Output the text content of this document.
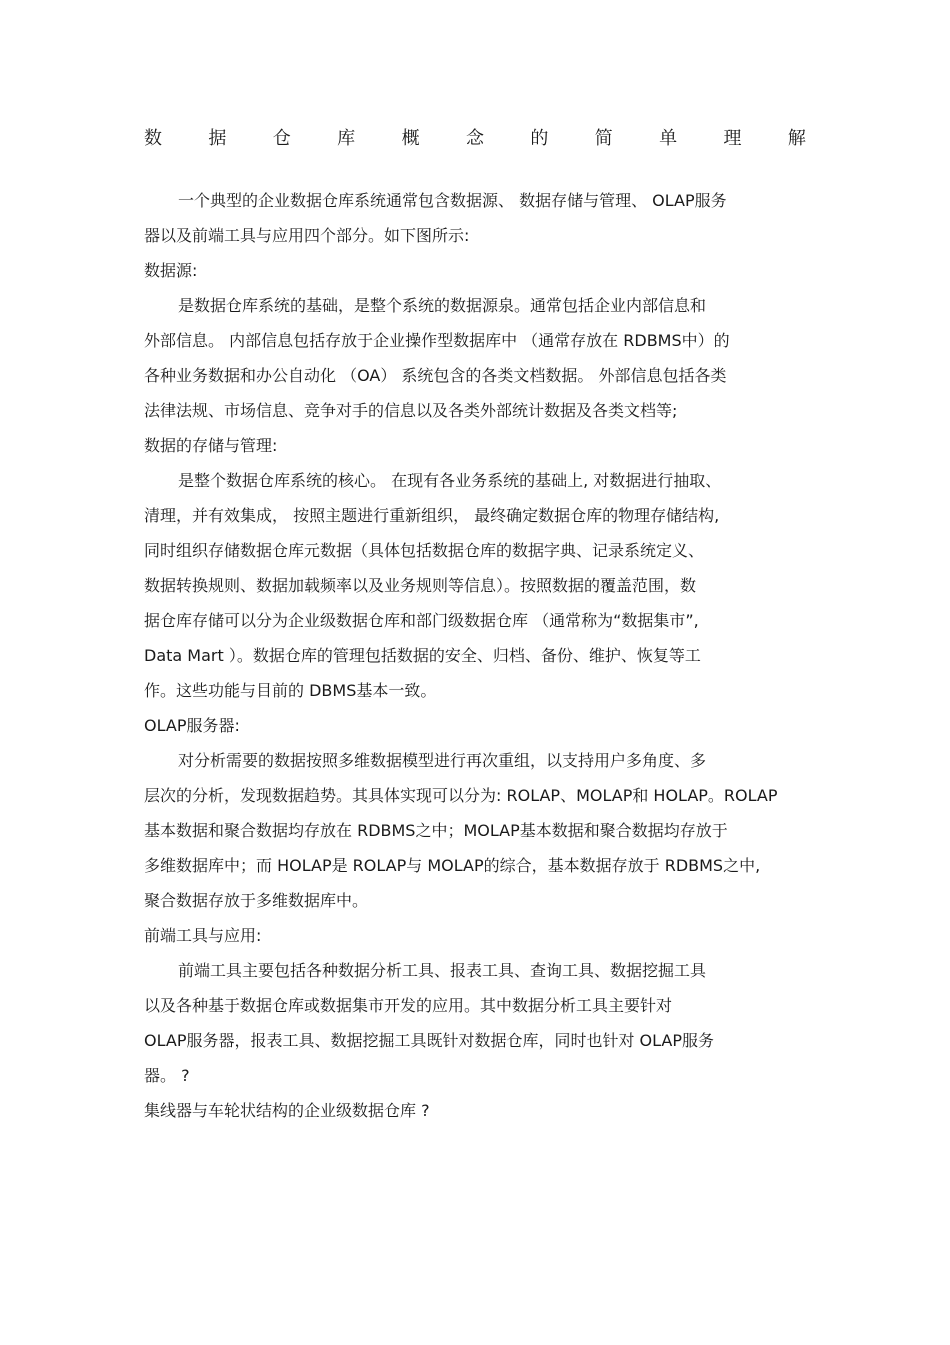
数	据	仓	库	概	念	的	简	单	理	解
一个典型的企业数据仓库系统通常包含数据源、 数据存储与管理、 OLAP服务
器以及前端工具与应用四个部分。如下图所示:
数据源:
是数据仓库系统的基础，是整个系统的数据源泉。通常包括企业内部信息和
外部信息。 内部信息包括存放于企业操作型数据库中 （通常存放在 RDBMS中）的
各种业务数据和办公自动化 （OA） 系统包含的各类文档数据。 外部信息包括各类
法律法规、市场信息、竞争对手的信息以及各类外部统计数据及各类文档等;
数据的存储与管理:
是整个数据仓库系统的核心。 在现有各业务系统的基础上, 对数据进行抽取、
清理，并有效集成， 按照主题进行重新组织， 最终确定数据仓库的物理存储结构,
同时组织存储数据仓库元数据（具体包括数据仓库的数据字典、记录系统定义、
数据转换规则、数据加载频率以及业务规则等信息）。按照数据的覆盖范围，数
据仓库存储可以分为企业级数据仓库和部门级数据仓库 （通常称为“数据集市”,
Data Mart ）。数据仓库的管理包括数据的安全、归档、备份、维护、恢复等工
作。这些功能与目前的 DBMS基本一致。
OLAP服务器:
对分析需要的数据按照多维数据模型进行再次重组，以支持用户多角度、多
层次的分析，发现数据趋势。其具体实现可以分为: ROLAP、MOLAP和 HOLAP。ROLAP
基本数据和聚合数据均存放在 RDBMS之中；MOLAP基本数据和聚合数据均存放于
多维数据库中；而 HOLAP是 ROLAP与 MOLAP的综合，基本数据存放于 RDBMS之中,
聚合数据存放于多维数据库中。
前端工具与应用:
前端工具主要包括各种数据分析工具、报表工具、查询工具、数据挖掘工具
以及各种基于数据仓库或数据集市开发的应用。其中数据分析工具主要针对
OLAP服务器，报表工具、数据挖掘工具既针对数据仓库，同时也针对 OLAP服务
器。 ?
集线器与车轮状结构的企业级数据仓库 ?
